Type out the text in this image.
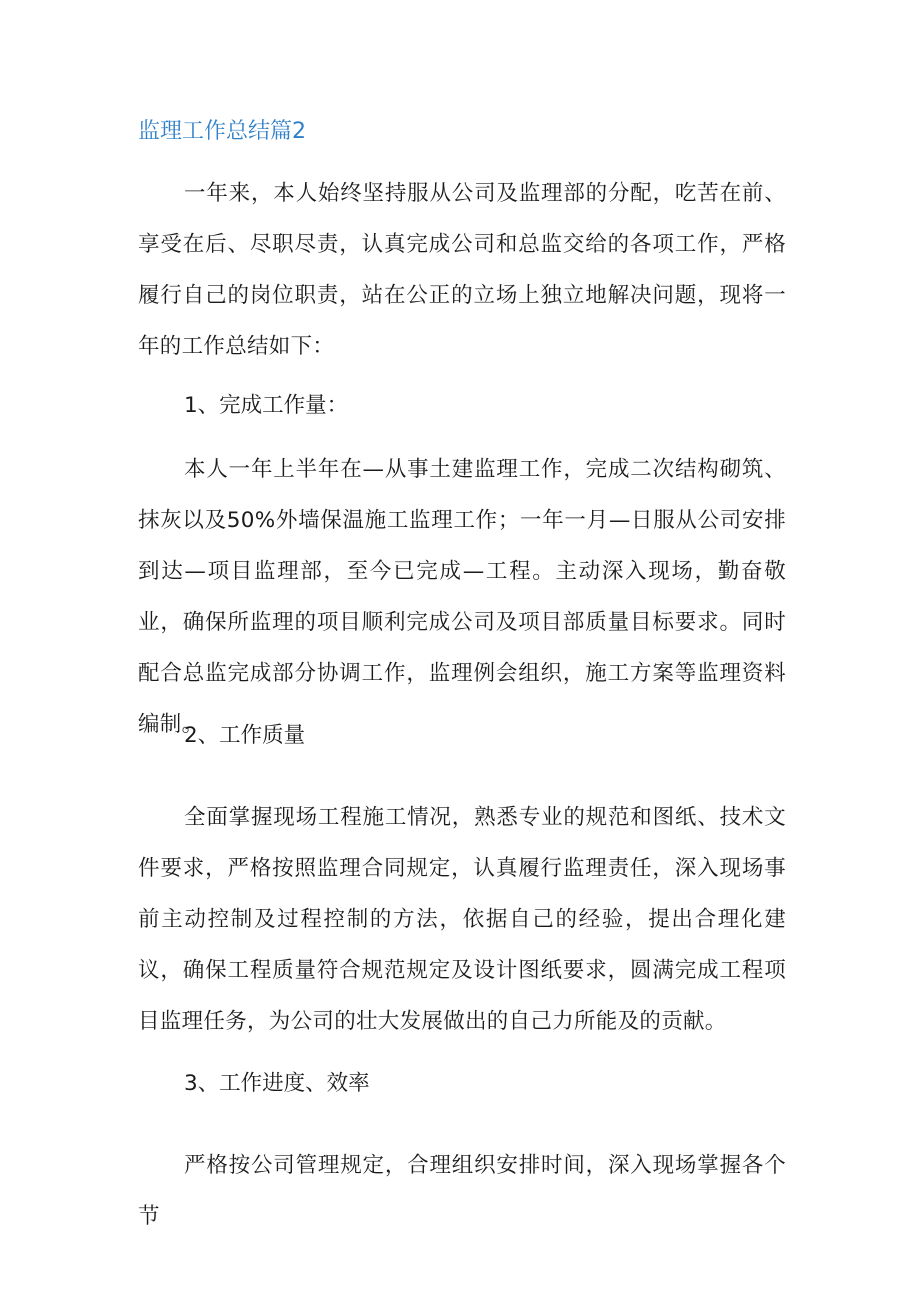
监理工作总结篇2

一年来，本人始终坚持服从公司及监理部的分配，吃苦在前、享受在后、尽职尽责，认真完成公司和总监交给的各项工作，严格履行自己的岗位职责，站在公正的立场上独立地解决问题，现将一年的工作总结如下：

1、完成工作量：

本人一年上半年在—从事土建监理工作，完成二次结构砌筑、抹灰以及50%外墙保温施工监理工作；一年一月—日服从公司安排到达—项目监理部，至今已完成—工程。主动深入现场，勤奋敬业，确保所监理的项目顺利完成公司及项目部质量目标要求。同时配合总监完成部分协调工作，监理例会组织，施工方案等监理资料编制。

2、工作质量

全面掌握现场工程施工情况，熟悉专业的规范和图纸、技术文件要求，严格按照监理合同规定，认真履行监理责任，深入现场事前主动控制及过程控制的方法，依据自己的经验，提出合理化建议，确保工程质量符合规范规定及设计图纸要求，圆满完成工程项目监理任务，为公司的壮大发展做出的自己力所能及的贡献。

3、工作进度、效率

严格按公司管理规定，合理组织安排时间，深入现场掌握各个节
